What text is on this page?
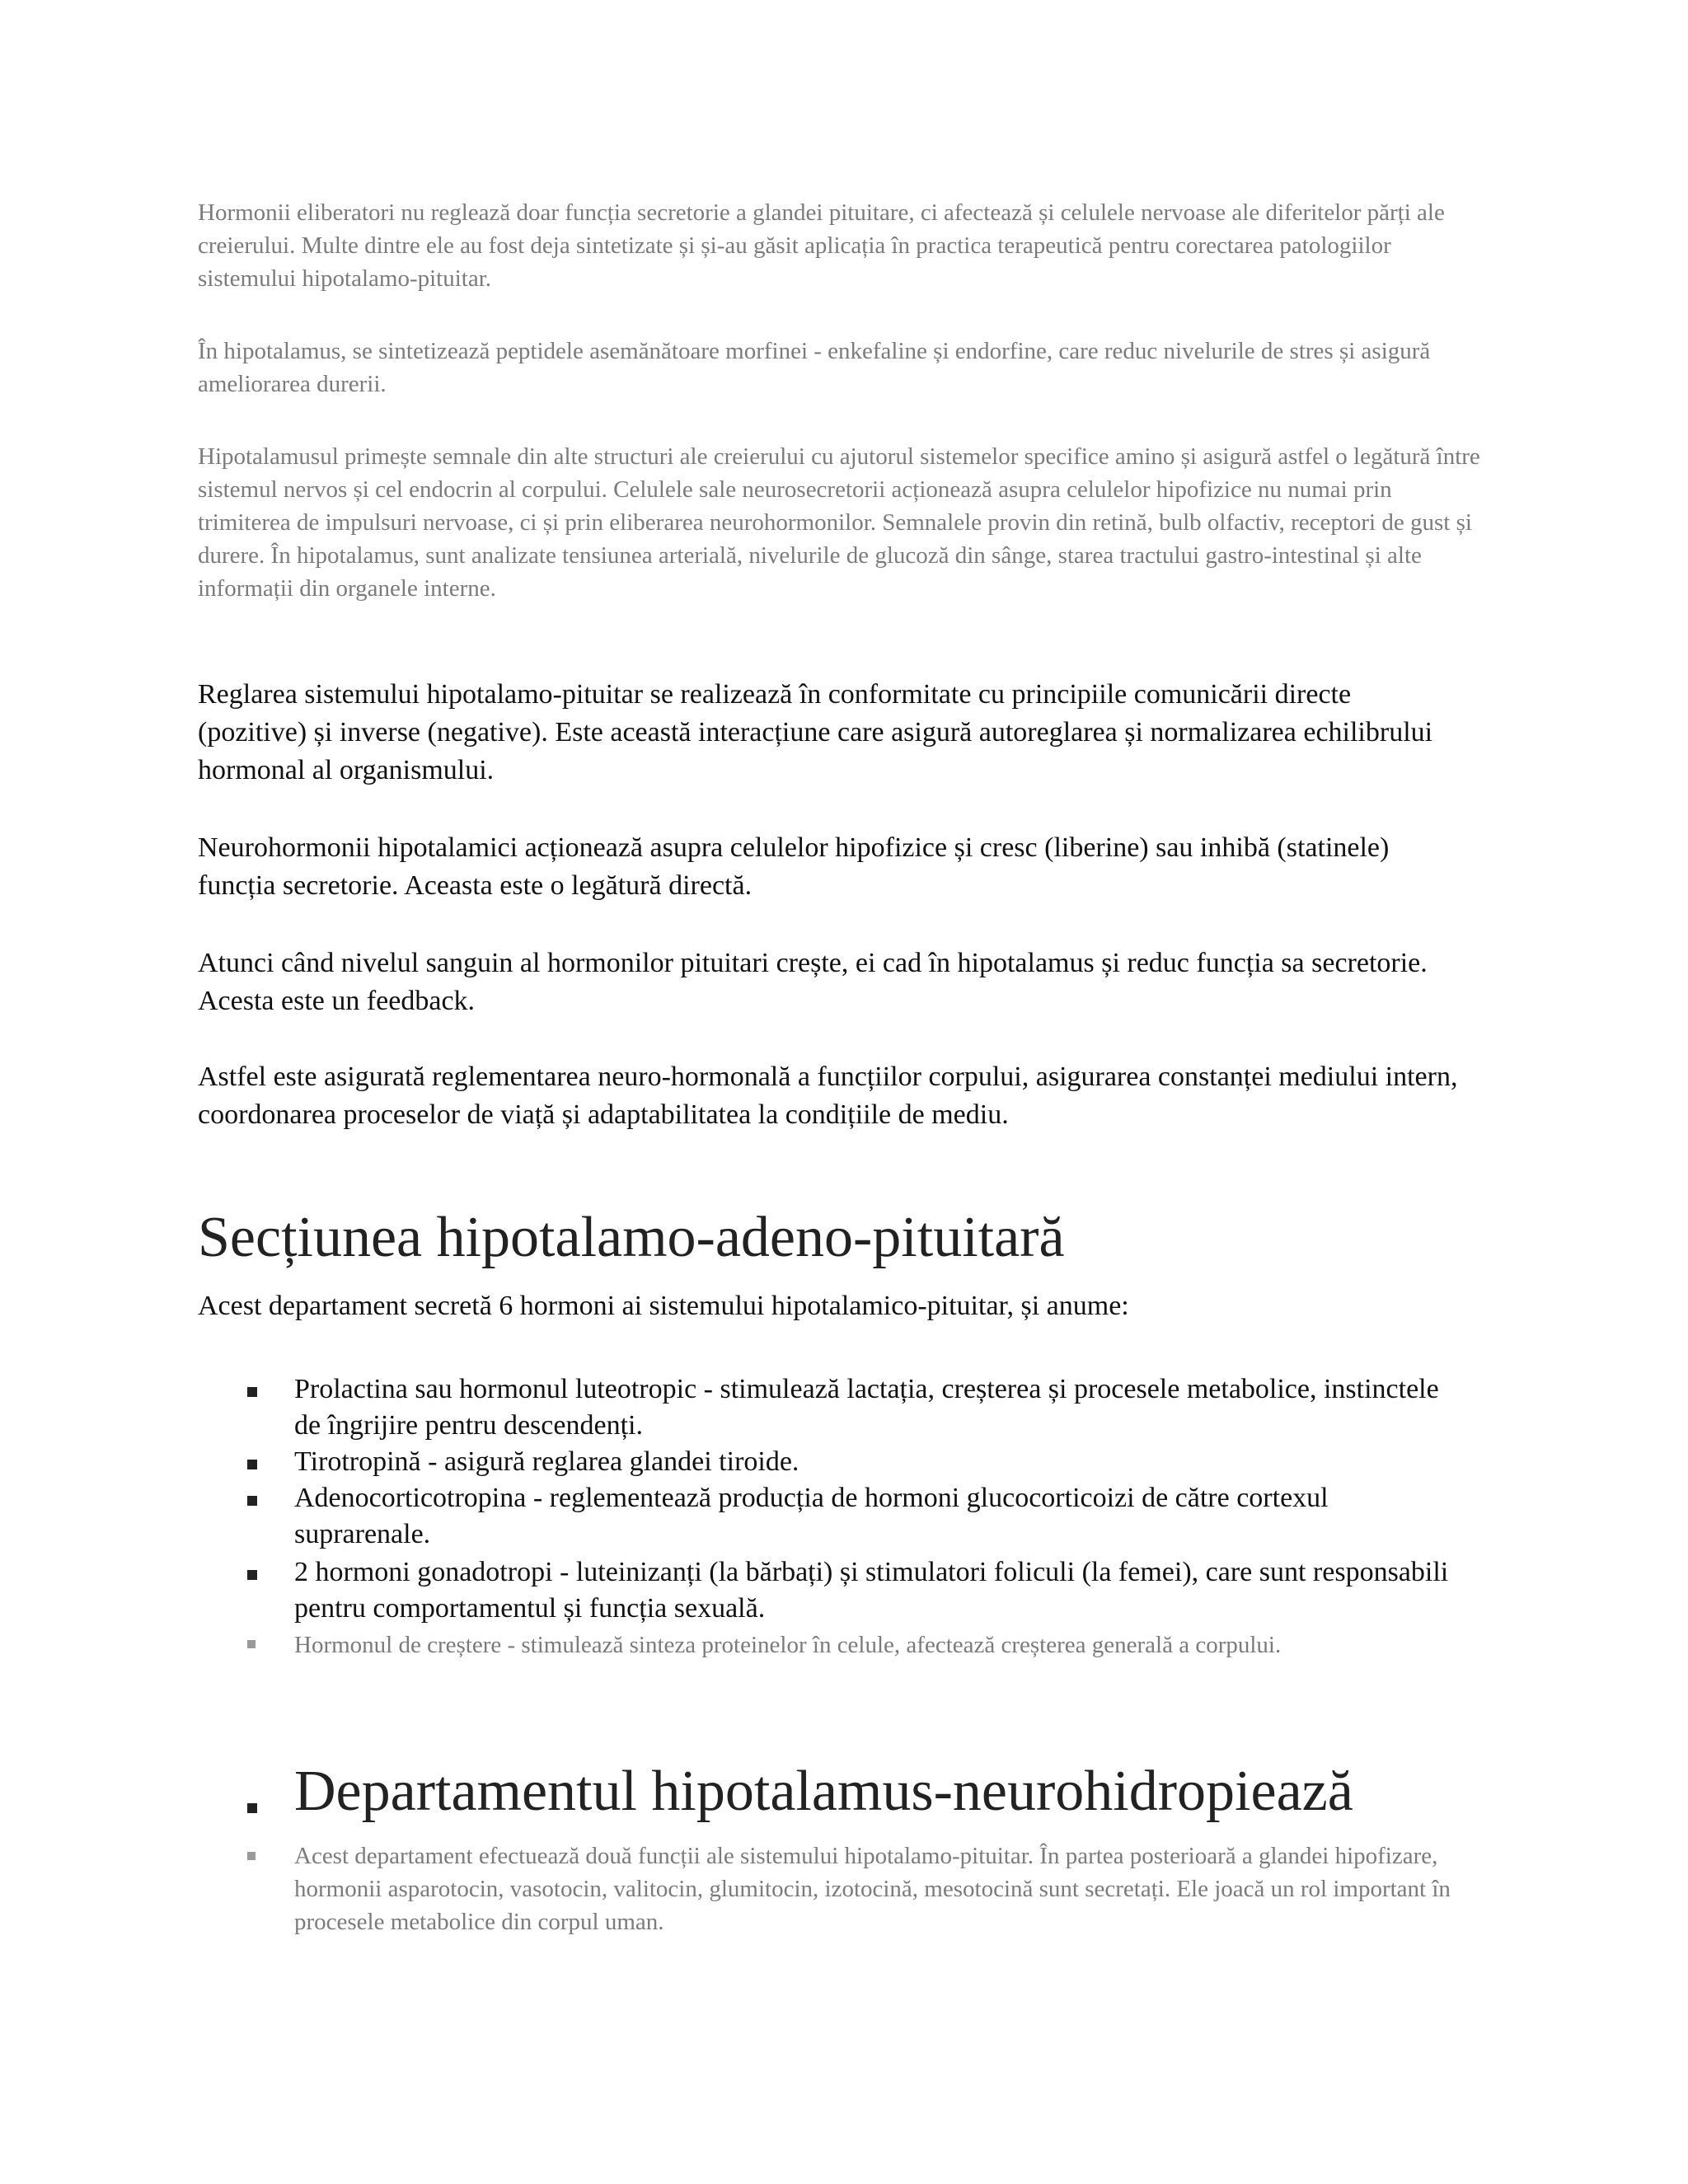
Hormonii eliberatori nu reglează doar funcția secretorie a glandei pituitare, ci afectează și celulele nervoase ale diferitelor părți ale creierului. Multe dintre ele au fost deja sintetizate și și-au găsit aplicația în practica terapeutică pentru corectarea patologiilor sistemului hipotalamo-pituitar.

În hipotalamus, se sintetizează peptidele asemănătoare morfinei - enkefaline și endorfine, care reduc nivelurile de stres și asigură ameliorarea durerii.

Hipotalamusul primește semnale din alte structuri ale creierului cu ajutorul sistemelor specifice amino și asigură astfel o legătură între sistemul nervos și cel endocrin al corpului. Celulele sale neurosecretorii acționează asupra celulelor hipofizice nu numai prin trimiterea de impulsuri nervoase, ci și prin eliberarea neurohormonilor. Semnalele provin din retină, bulb olfactiv, receptori de gust și durere. În hipotalamus, sunt analizate tensiunea arterială, nivelurile de glucoză din sânge, starea tractului gastro-intestinal și alte informații din organele interne.

Reglarea sistemului hipotalamo-pituitar se realizează în conformitate cu principiile comunicării directe (pozitive) și inverse (negative). Este această interacțiune care asigură autoreglarea și normalizarea echilibrului hormonal al organismului.

Neurohormonii hipotalamici acționează asupra celulelor hipofizice și cresc (liberine) sau inhibă (statinele) funcția secretorie. Aceasta este o legătură directă.

Atunci când nivelul sanguin al hormonilor pituitari crește, ei cad în hipotalamus și reduc funcția sa secretorie. Acesta este un feedback.

Astfel este asigurată reglementarea neuro-hormonală a funcțiilor corpului, asigurarea constanței mediului intern, coordonarea proceselor de viață și adaptabilitatea la condițiile de mediu.

Secțiunea hipotalamo-adeno-pituitară

Acest departament secretă 6 hormoni ai sistemului hipotalamico-pituitar, și anume:

Prolactina sau hormonul luteotropic - stimulează lactația, creșterea și procesele metabolice, instinctele de îngrijire pentru descendenți.

Tirotropină - asigură reglarea glandei tiroide.

Adenocorticotropina - reglementează producția de hormoni glucocorticoizi de către cortexul suprarenale.

2 hormoni gonadotropi - luteinizanți (la bărbați) și stimulatori foliculi (la femei), care sunt responsabili pentru comportamentul și funcția sexuală.

Hormonul de creștere - stimulează sinteza proteinelor în celule, afectează creșterea generală a corpului.

Departamentul hipotalamus-neurohidropiează

Acest departament efectuează două funcții ale sistemului hipotalamo-pituitar. În partea posterioară a glandei hipofizare, hormonii asparotocin, vasotocin, valitocin, glumitocin, izotocină, mesotocină sunt secretați. Ele joacă un rol important în procesele metabolice din corpul uman.
